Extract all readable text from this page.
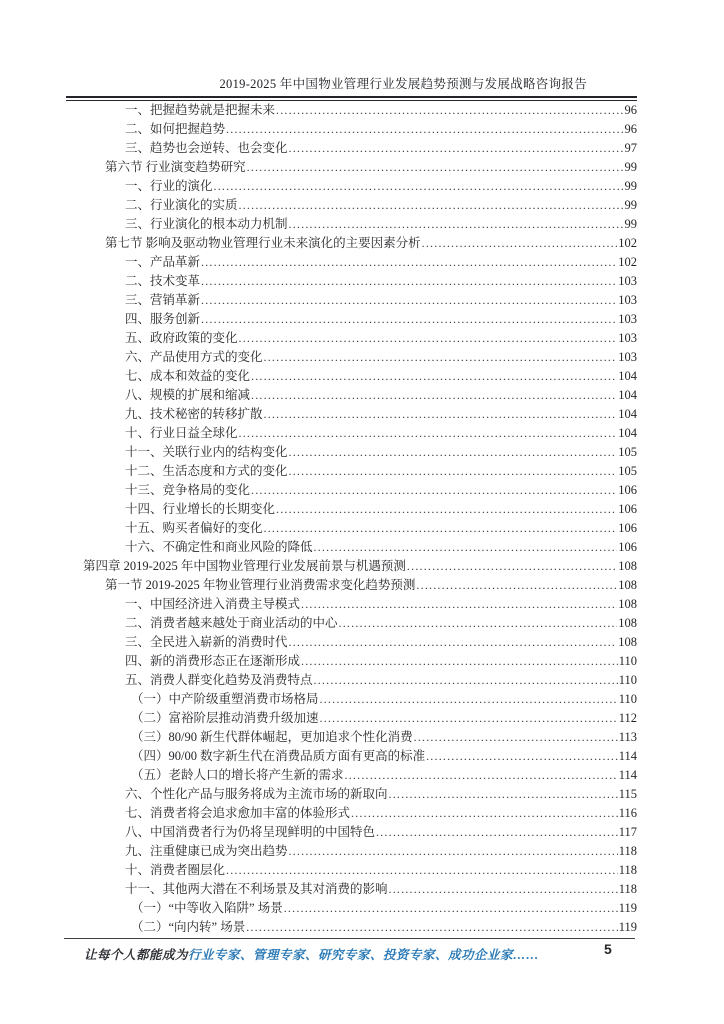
2019-2025 年中国物业管理行业发展趋势预测与发展战略咨询报告
一、把握趋势就是把握未来 .....	96
二、如何把握趋势 .....	96
三、趋势也会逆转、也会变化 .....	97
第六节 行业演变趋势研究 .....	99
一、行业的演化 .....	99
二、行业演化的实质 .....	99
三、行业演化的根本动力机制 .....	99
第七节 影响及驱动物业管理行业未来演化的主要因素分析 .....	102
一、产品革新 .....	102
二、技术变革 .....	103
三、营销革新 .....	103
四、服务创新 .....	103
五、政府政策的变化 .....	103
六、产品使用方式的变化 .....	103
七、成本和效益的变化 .....	104
八、规模的扩展和缩减 .....	104
九、技术秘密的转移扩散 .....	104
十、行业日益全球化 .....	104
十一、关联行业内的结构变化 .....	105
十二、生活态度和方式的变化 .....	105
十三、竞争格局的变化 .....	106
十四、行业增长的长期变化 .....	106
十五、购买者偏好的变化 .....	106
十六、不确定性和商业风险的降低 .....	106
第四章 2019-2025 年中国物业管理行业发展前景与机遇预测 .....	108
第一节 2019-2025 年物业管理行业消费需求变化趋势预测 .....	108
一、中国经济进入消费主导模式 .....	108
二、消费者越来越处于商业活动的中心 .....	108
三、全民进入崭新的消费时代 .....	108
四、新的消费形态正在逐渐形成 .....	110
五、消费人群变化趋势及消费特点 .....	110
（一）中产阶级重塑消费市场格局 .....	110
（二）富裕阶层推动消费升级加速 .....	112
（三）80/90 新生代群体崛起，更加追求个性化消费 .....	113
（四）90/00 数字新生代在消费品质方面有更高的标准 .....	114
（五）老龄人口的增长将产生新的需求 .....	114
六、个性化产品与服务将成为主流市场的新取向 .....	115
七、消费者将会追求愈加丰富的体验形式 .....	116
八、中国消费者行为仍将呈现鲜明的中国特色 .....	117
九、注重健康已成为突出趋势 .....	118
十、消费者圈层化 .....	118
十一、其他两大潜在不利场景及其对消费的影响 .....	118
（一）“中等收入陷阱” 场景 .....	119
（二）“向内转” 场景 .....	119
让每个人都能成为行业专家、管理专家、研究专家、投资专家、成功企业家……	5
